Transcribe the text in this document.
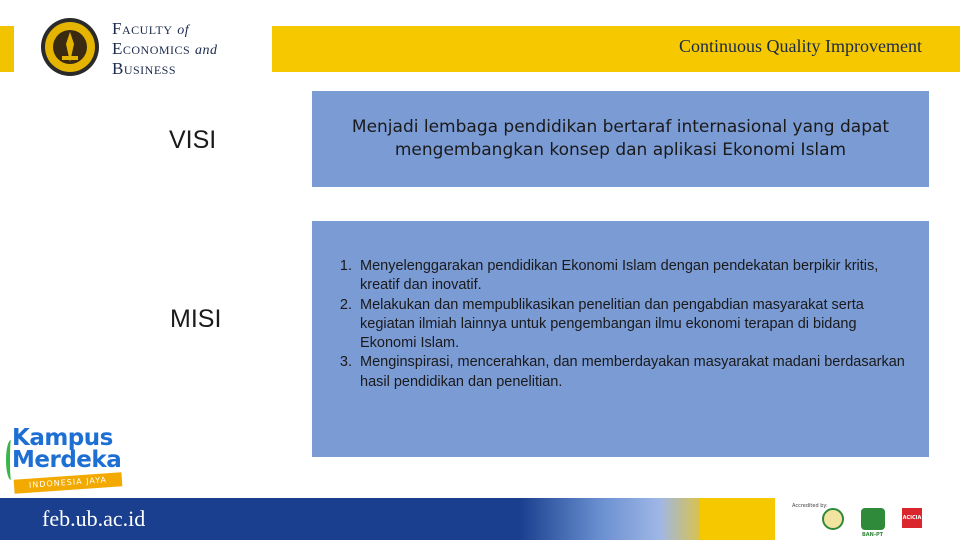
Faculty of
Economics and
Business
Continuous Quality Improvement
VISI	Menjadi lembaga pendidikan bertaraf internasional yang dapat mengembangkan konsep dan aplikasi Ekonomi Islam
MISI
1. Menyelenggarakan pendidikan Ekonomi Islam dengan pendekatan berpikir kritis, kreatif dan inovatif.
2. Melakukan dan mempublikasikan penelitian dan pengabdian masyarakat serta kegiatan ilmiah lainnya untuk pengembangan ilmu ekonomi terapan di bidang Ekonomi Islam.
3. Menginspirasi, mencerahkan, dan memberdayakan masyarakat madani berdasarkan hasil pendidikan dan penelitian.
Kampus
Merdeka
INDONESIA JAYA
feb.ub.ac.id	Accredited by:
BAN-PT
ACICIA
